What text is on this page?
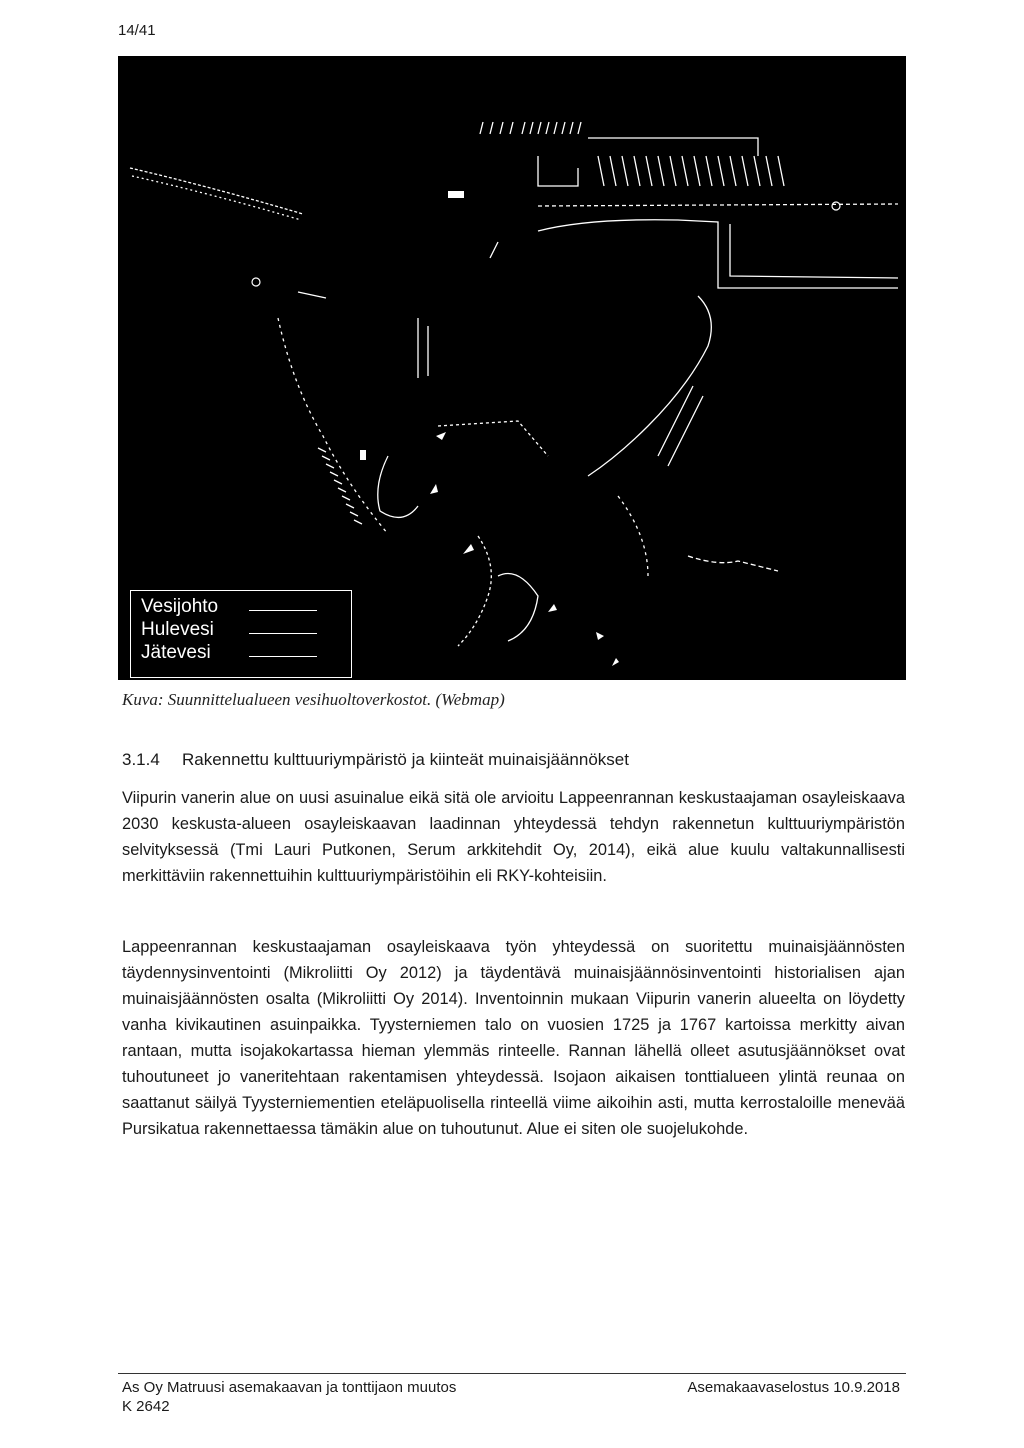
14/41
Vesijohto
Hulevesi
Jätevesi
Kuva: Suunnittelualueen vesihuoltoverkostot. (Webmap)
3.1.4 Rakennettu kulttuuriympäristö ja kiinteät muinaisjäännökset

Viipurin vanerin alue on uusi asuinalue eikä sitä ole arvioitu Lappeenrannan keskustaajaman osayleiskaava 2030 keskusta-alueen osayleiskaavan laadinnan yhteydessä tehdyn rakennetun kulttuuriympäristön selvityksessä (Tmi Lauri Putkonen, Serum arkkitehdit Oy, 2014), eikä alue kuulu valtakunnallisesti merkittäviin rakennettuihin kulttuuriympäristöihin eli RKY-kohteisiin.

Lappeenrannan keskustaajaman osayleiskaava työn yhteydessä on suoritettu muinaisjäännösten täydennysinventointi (Mikroliitti Oy 2012) ja täydentävä muinaisjäännösinventointi historialisen ajan muinaisjäännösten osalta (Mikroliitti Oy 2014). Inventoinnin mukaan Viipurin vanerin alueelta on löydetty vanha kivikautinen asuinpaikka. Tyysterniemen talo on vuosien 1725 ja 1767 kartoissa merkitty aivan rantaan, mutta isojakokartassa hieman ylemmäs rinteelle. Rannan lähellä olleet asutusjäännökset ovat tuhoutuneet jo vaneritehtaan rakentamisen yhteydessä. Isojaon aikaisen tonttialueen ylintä reunaa on saattanut säilyä Tyysterniementien eteläpuolisella rinteellä viime aikoihin asti, mutta kerrostaloille menevää Pursikatua rakennettaessa tämäkin alue on tuhoutunut. Alue ei siten ole suojelukohde.

As Oy Matruusi asemakaavan ja tonttijaon muutos
K 2642
Asemakaavaselostus 10.9.2018
